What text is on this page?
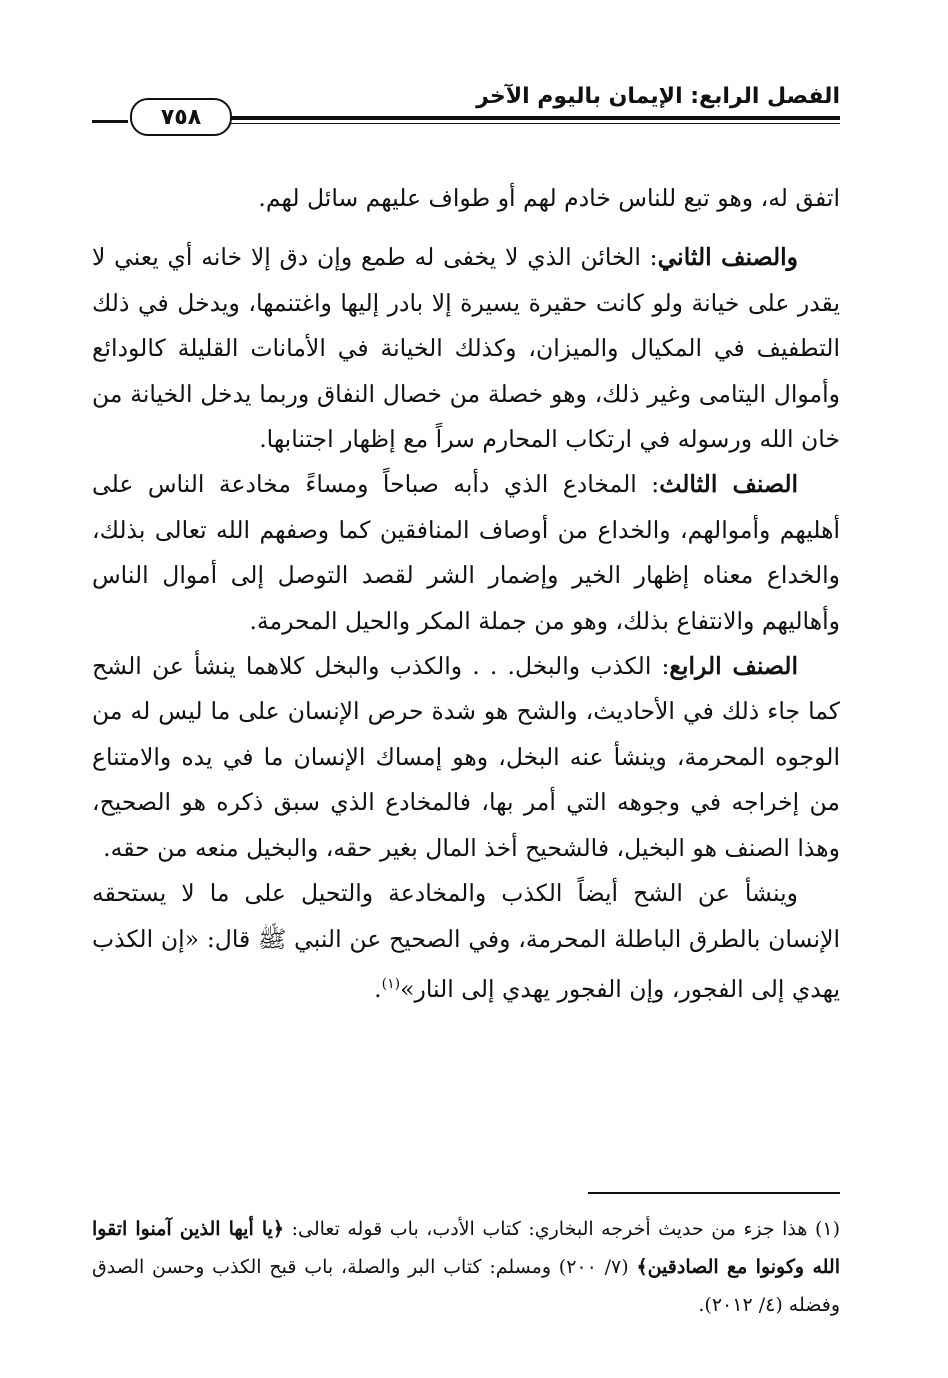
الفصل الرابع: الإيمان باليوم الآخر
٧٥٨

اتفق له، وهو تبع للناس خادم لهم أو طواف عليهم سائل لهم.

والصنف الثاني: الخائن الذي لا يخفى له طمع وإن دق إلا خانه أي يعني لا يقدر على خيانة ولو كانت حقيرة يسيرة إلا بادر إليها واغتنمها، ويدخل في ذلك التطفيف في المكيال والميزان، وكذلك الخيانة في الأمانات القليلة كالودائع وأموال اليتامى وغير ذلك، وهو خصلة من خصال النفاق وربما يدخل الخيانة من خان الله ورسوله في ارتكاب المحارم سراً مع إظهار اجتنابها.

الصنف الثالث: المخادع الذي دأبه صباحاً ومساءً مخادعة الناس على أهليهم وأموالهم، والخداع من أوصاف المنافقين كما وصفهم الله تعالى بذلك، والخداع معناه إظهار الخير وإضمار الشر لقصد التوصل إلى أموال الناس وأهاليهم والانتفاع بذلك، وهو من جملة المكر والحيل المحرمة.

الصنف الرابع: الكذب والبخل. . . والكذب والبخل كلاهما ينشأ عن الشح كما جاء ذلك في الأحاديث، والشح هو شدة حرص الإنسان على ما ليس له من الوجوه المحرمة، وينشأ عنه البخل، وهو إمساك الإنسان ما في يده والامتناع من إخراجه في وجوهه التي أمر بها، فالمخادع الذي سبق ذكره هو الصحيح، وهذا الصنف هو البخيل، فالشحيح أخذ المال بغير حقه، والبخيل منعه من حقه.

وينشأ عن الشح أيضاً الكذب والمخادعة والتحيل على ما لا يستحقه الإنسان بالطرق الباطلة المحرمة، وفي الصحيح عن النبي ﷺ قال: «إن الكذب يهدي إلى الفجور، وإن الفجور يهدي إلى النار»$^{(١)}$.

(١) هذا جزء من حديث أخرجه البخاري: كتاب الأدب، باب قوله تعالى: ﴿يا أيها الذين آمنوا اتقوا الله وكونوا مع الصادقين﴾ (٧/ ٢٠٠) ومسلم: كتاب البر والصلة، باب قبح الكذب وحسن الصدق وفضله (٤/ ٢٠١٢).
